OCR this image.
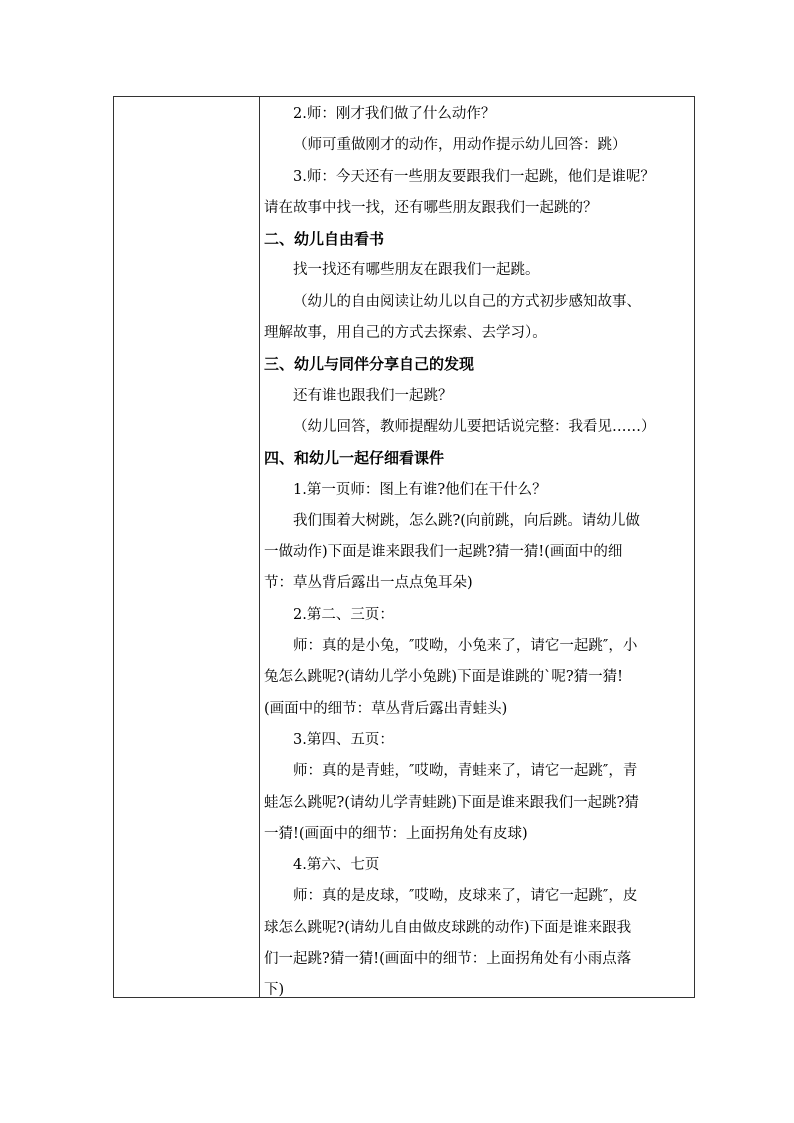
2.师：刚才我们做了什么动作？
（师可重做刚才的动作，用动作提示幼儿回答：跳）
3.师：今天还有一些朋友要跟我们一起跳，他们是谁呢？
请在故事中找一找，还有哪些朋友跟我们一起跳的？
二、幼儿自由看书
找一找还有哪些朋友在跟我们一起跳。
（幼儿的自由阅读让幼儿以自己的方式初步感知故事、
理解故事，用自己的方式去探索、去学习）。
三、幼儿与同伴分享自己的发现
还有谁也跟我们一起跳？
（幼儿回答，教师提醒幼儿要把话说完整：我看见……）
四、和幼儿一起仔细看课件
1.第一页师：图上有谁?他们在干什么？
我们围着大树跳，怎么跳?(向前跳，向后跳。请幼儿做
一做动作)下面是谁来跟我们一起跳?猜一猜!(画面中的细
节：草丛背后露出一点点兔耳朵)
2.第二、三页：
师：真的是小兔，″哎呦，小兔来了，请它一起跳″，小
兔怎么跳呢?(请幼儿学小兔跳)下面是谁跳的`呢?猜一猜!
(画面中的细节：草丛背后露出青蛙头)
3.第四、五页：
师：真的是青蛙，″哎呦，青蛙来了，请它一起跳″，青
蛙怎么跳呢?(请幼儿学青蛙跳)下面是谁来跟我们一起跳?猜
一猜!(画面中的细节：上面拐角处有皮球)
4.第六、七页
师：真的是皮球，″哎呦，皮球来了，请它一起跳″，皮
球怎么跳呢?(请幼儿自由做皮球跳的动作)下面是谁来跟我
们一起跳?猜一猜!(画面中的细节：上面拐角处有小雨点落
下)
